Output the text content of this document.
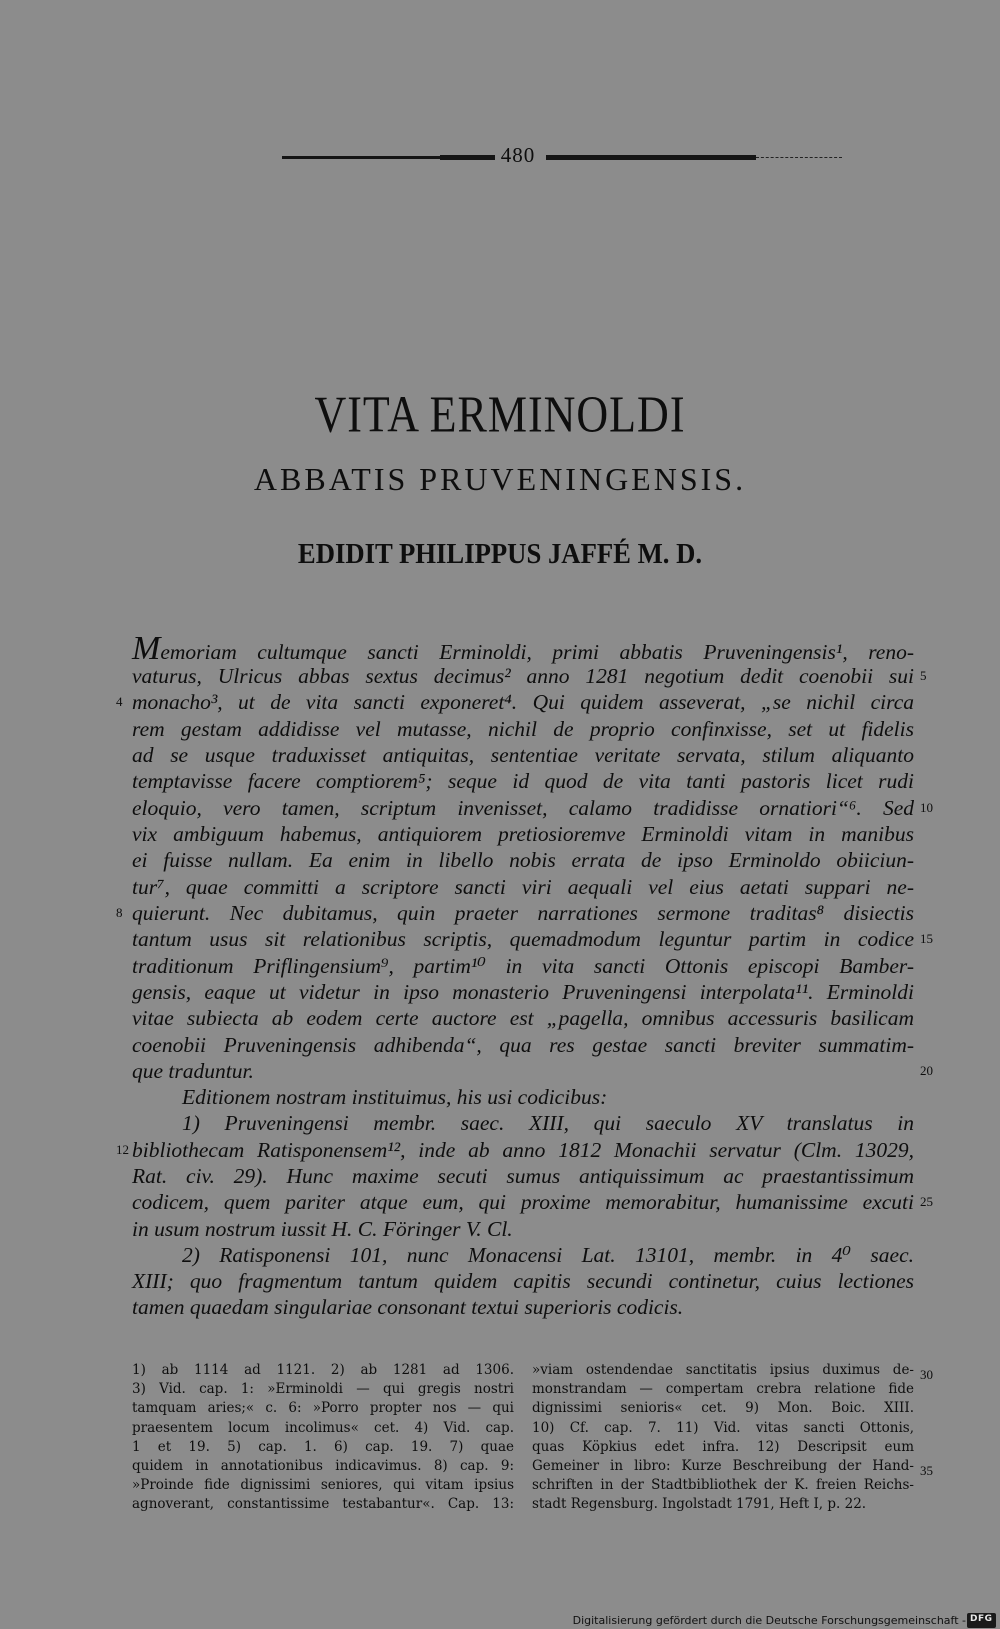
480
VITA ERMINOLDI
ABBATIS PRUVENINGENSIS.
EDIDIT PHILIPPUS JAFFÉ M. D.
Memoriam cultumque sancti Erminoldi, primi abbatis Pruveningensis¹, reno-
vaturus, Ulricus abbas sextus decimus² anno 1281 negotium dedit coenobii sui
monacho³, ut de vita sancti exponeret⁴. Qui quidem asseverat, „se nichil circa
rem gestam addidisse vel mutasse, nichil de proprio confinxisse, set ut fidelis
ad se usque traduxisset antiquitas, sententiae veritate servata, stilum aliquanto
temptavisse facere comptiorem⁵; seque id quod de vita tanti pastoris licet rudi
eloquio, vero tamen, scriptum invenisset, calamo tradidisse ornatiori“⁶. Sed
vix ambiguum habemus, antiquiorem pretiosioremve Erminoldi vitam in manibus
ei fuisse nullam. Ea enim in libello nobis errata de ipso Erminoldo obiiciun-
tur⁷, quae committi a scriptore sancti viri aequali vel eius aetati suppari ne-
quierunt. Nec dubitamus, quin praeter narrationes sermone traditas⁸ disiectis
tantum usus sit relationibus scriptis, quemadmodum leguntur partim in codice
traditionum Priflingensium⁹, partim¹⁰ in vita sancti Ottonis episcopi Bamber-
gensis, eaque ut videtur in ipso monasterio Pruveningensi interpolata¹¹. Erminoldi
vitae subiecta ab eodem certe auctore est „pagella, omnibus accessuris basilicam
coenobii Pruveningensis adhibenda“, qua res gestae sancti breviter summatim-
que traduntur.
Editionem nostram instituimus, his usi codicibus:
1) Pruveningensi membr. saec. XIII, qui saeculo XV translatus in
bibliothecam Ratisponensem¹², inde ab anno 1812 Monachii servatur (Clm. 13029,
Rat. civ. 29). Hunc maxime secuti sumus antiquissimum ac praestantissimum
codicem, quem pariter atque eum, qui proxime memorabitur, humanissime excuti
in usum nostrum iussit H. C. Föringer V. Cl.
2) Ratisponensi 101, nunc Monacensi Lat. 13101, membr. in 4⁰ saec.
XIII; quo fragmentum tantum quidem capitis secundi continetur, cuius lectiones
tamen quaedam singulariae consonant textui superioris codicis.
5
10
15
20
25
4
8
12
1) ab 1114 ad 1121. 2) ab 1281 ad 1306.
3) Vid. cap. 1: »Erminoldi — qui gregis nostri
tamquam aries;« c. 6: »Porro propter nos — qui
praesentem locum incolimus« cet. 4) Vid. cap.
1 et 19. 5) cap. 1. 6) cap. 19. 7) quae
quidem in annotationibus indicavimus. 8) cap. 9:
»Proinde fide dignissimi seniores, qui vitam ipsius
agnoverant, constantissime testabantur«. Cap. 13:
»viam ostendendae sanctitatis ipsius duximus de-
monstrandam — compertam crebra relatione fide
dignissimi senioris« cet. 9) Mon. Boic. XIII.
10) Cf. cap. 7. 11) Vid. vitas sancti Ottonis,
quas Köpkius edet infra. 12) Descripsit eum
Gemeiner in libro: Kurze Beschreibung der Hand-
schriften in der Stadtbibliothek der K. freien Reichs-
stadt Regensburg. Ingolstadt 1791, Heft I, p. 22.
30
35
Digitalisierung gefördert durch die Deutsche Forschungsgemeinschaft - DFG
